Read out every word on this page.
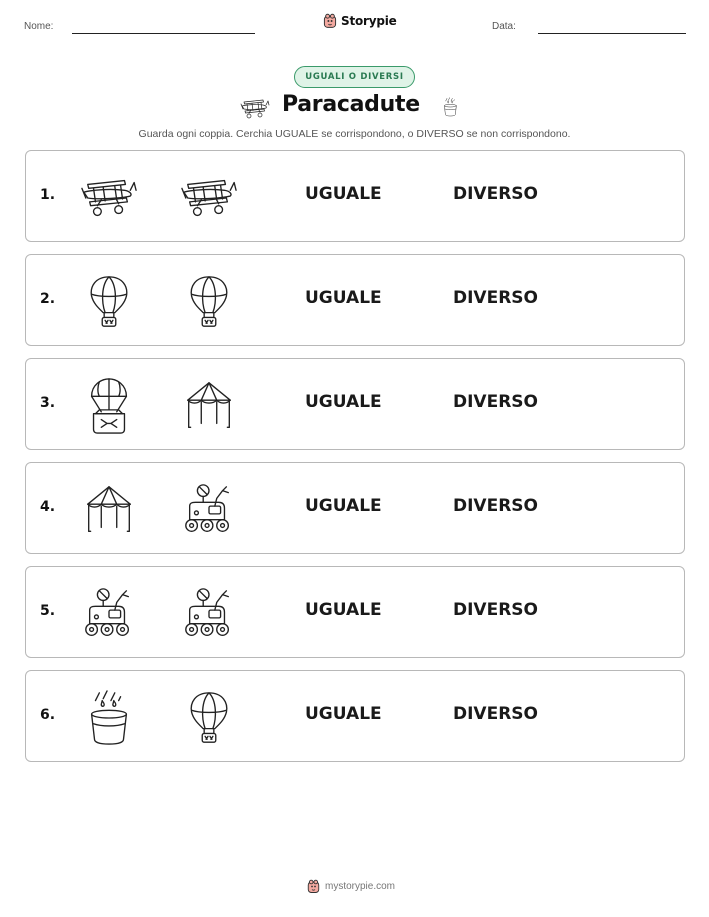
Nome:	Storypie	Data:
UGUALI O DIVERSI
Paracadute

Guarda ogni coppia. Cerchia UGUALE se corrispondono, o DIVERSO se non corrispondono.

1.	UGUALE	DIVERSO
2.	UGUALE	DIVERSO
3.	UGUALE	DIVERSO
4.	UGUALE	DIVERSO
5.	UGUALE	DIVERSO
6.	UGUALE	DIVERSO
mystorypie.com
